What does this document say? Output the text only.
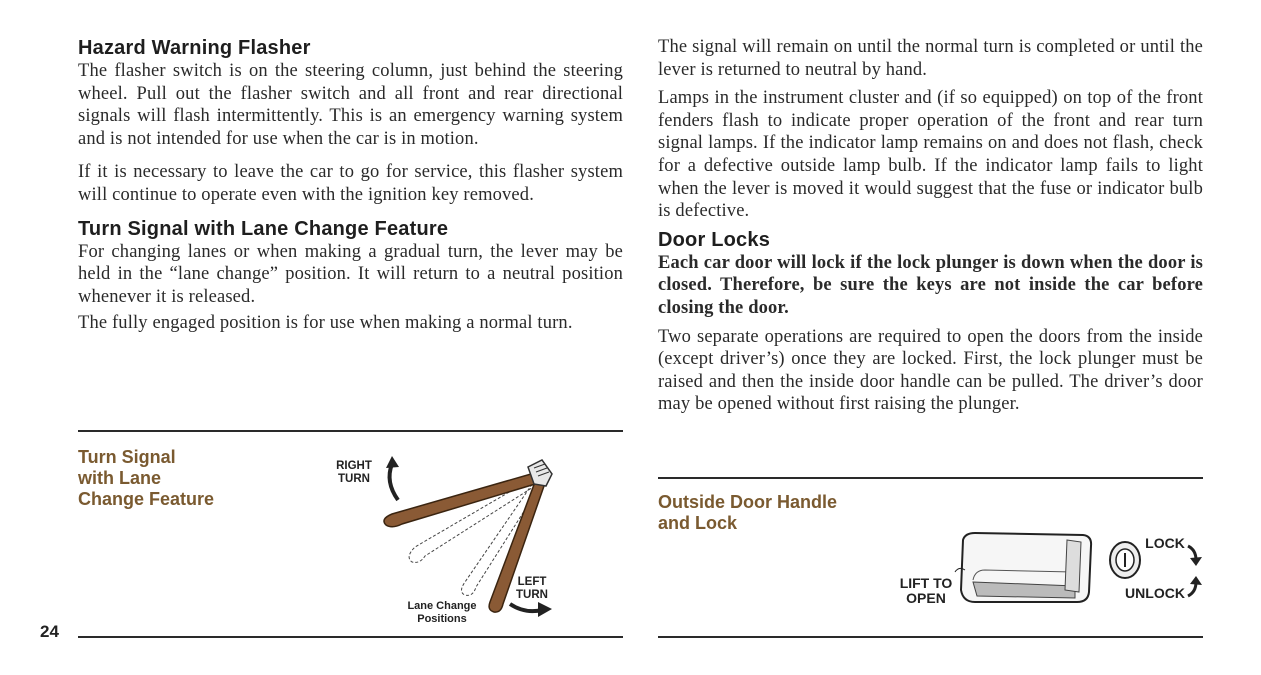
Hazard Warning Flasher

The flasher switch is on the steering column, just behind the steering wheel. Pull out the flasher switch and all front and rear directional signals will flash intermittently. This is an emergency warning system and is not intended for use when the car is in motion.

If it is necessary to leave the car to go for service, this flasher system will continue to operate even with the ignition key removed.

Turn Signal with Lane Change Feature

For changing lanes or when making a gradual turn, the lever may be held in the “lane change” position. It will return to a neutral position whenever it is released.

The fully engaged position is for use when making a normal turn.

The signal will remain on until the normal turn is completed or until the lever is returned to neutral by hand.

Lamps in the instrument cluster and (if so equipped) on top of the front fenders flash to indicate proper operation of the front and rear turn signal lamps. If the indicator lamp remains on and does not flash, check for a defective outside lamp bulb. If the indicator lamp fails to light when the lever is moved it would suggest that the fuse or indicator bulb is defective.

Door Locks

Each car door will lock if the lock plunger is down when the door is closed. Therefore, be sure the keys are not inside the car before closing the door.

Two separate operations are required to open the doors from the inside (except driver’s) once they are locked. First, the lock plunger must be raised and then the inside door handle can be pulled. The driver’s door may be opened without first raising the plunger.

Turn Signal
with Lane
Change Feature
RIGHT
TURN
LEFT
TURN
Lane Change
Positions
Outside Door Handle
and Lock
LIFT TO
OPEN
LOCK
UNLOCK
24
